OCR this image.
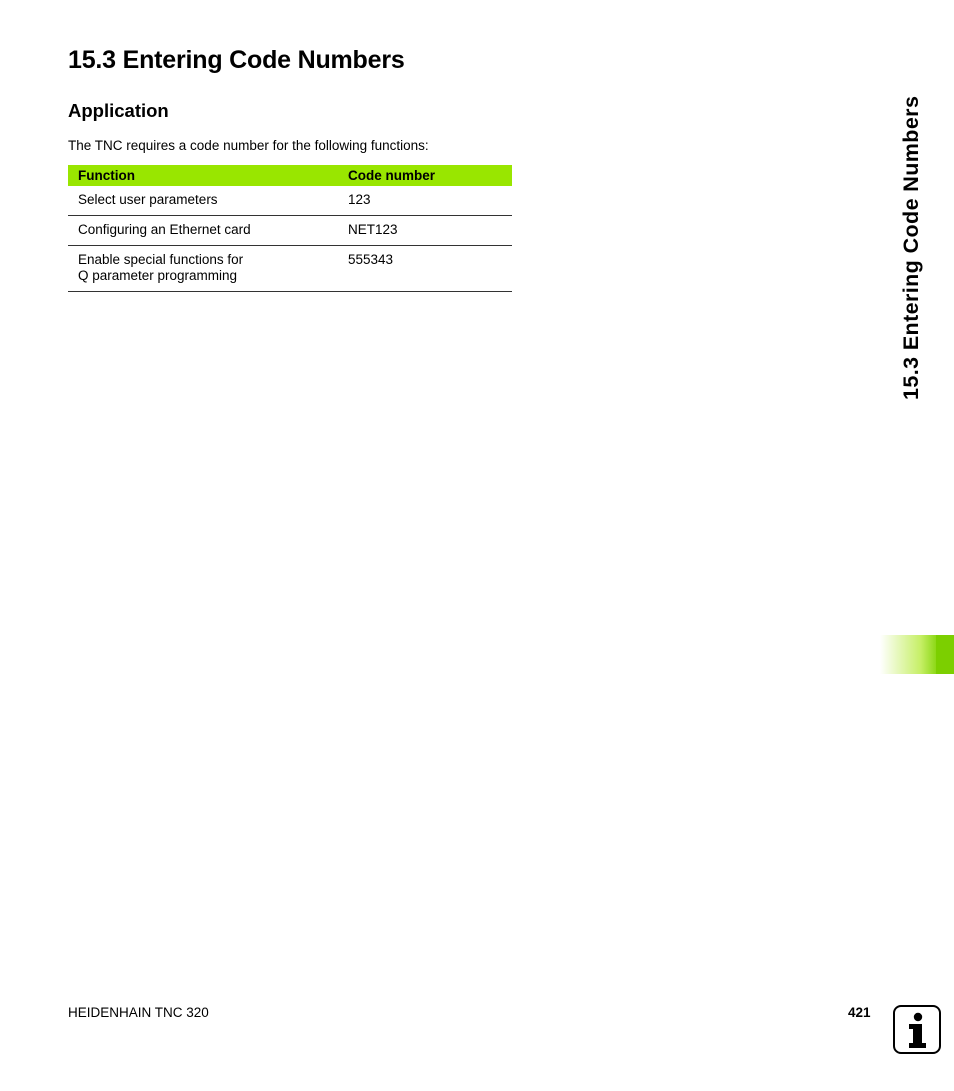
15.3 Entering Code Numbers
Application

The TNC requires a code number for the following functions:

Function	Code number
Select user parameters	123
Configuring an Ethernet card	NET123
Enable special functions for
Q parameter programming	555343	15.3 Entering Code Numbers
HEIDENHAIN TNC 320	421
